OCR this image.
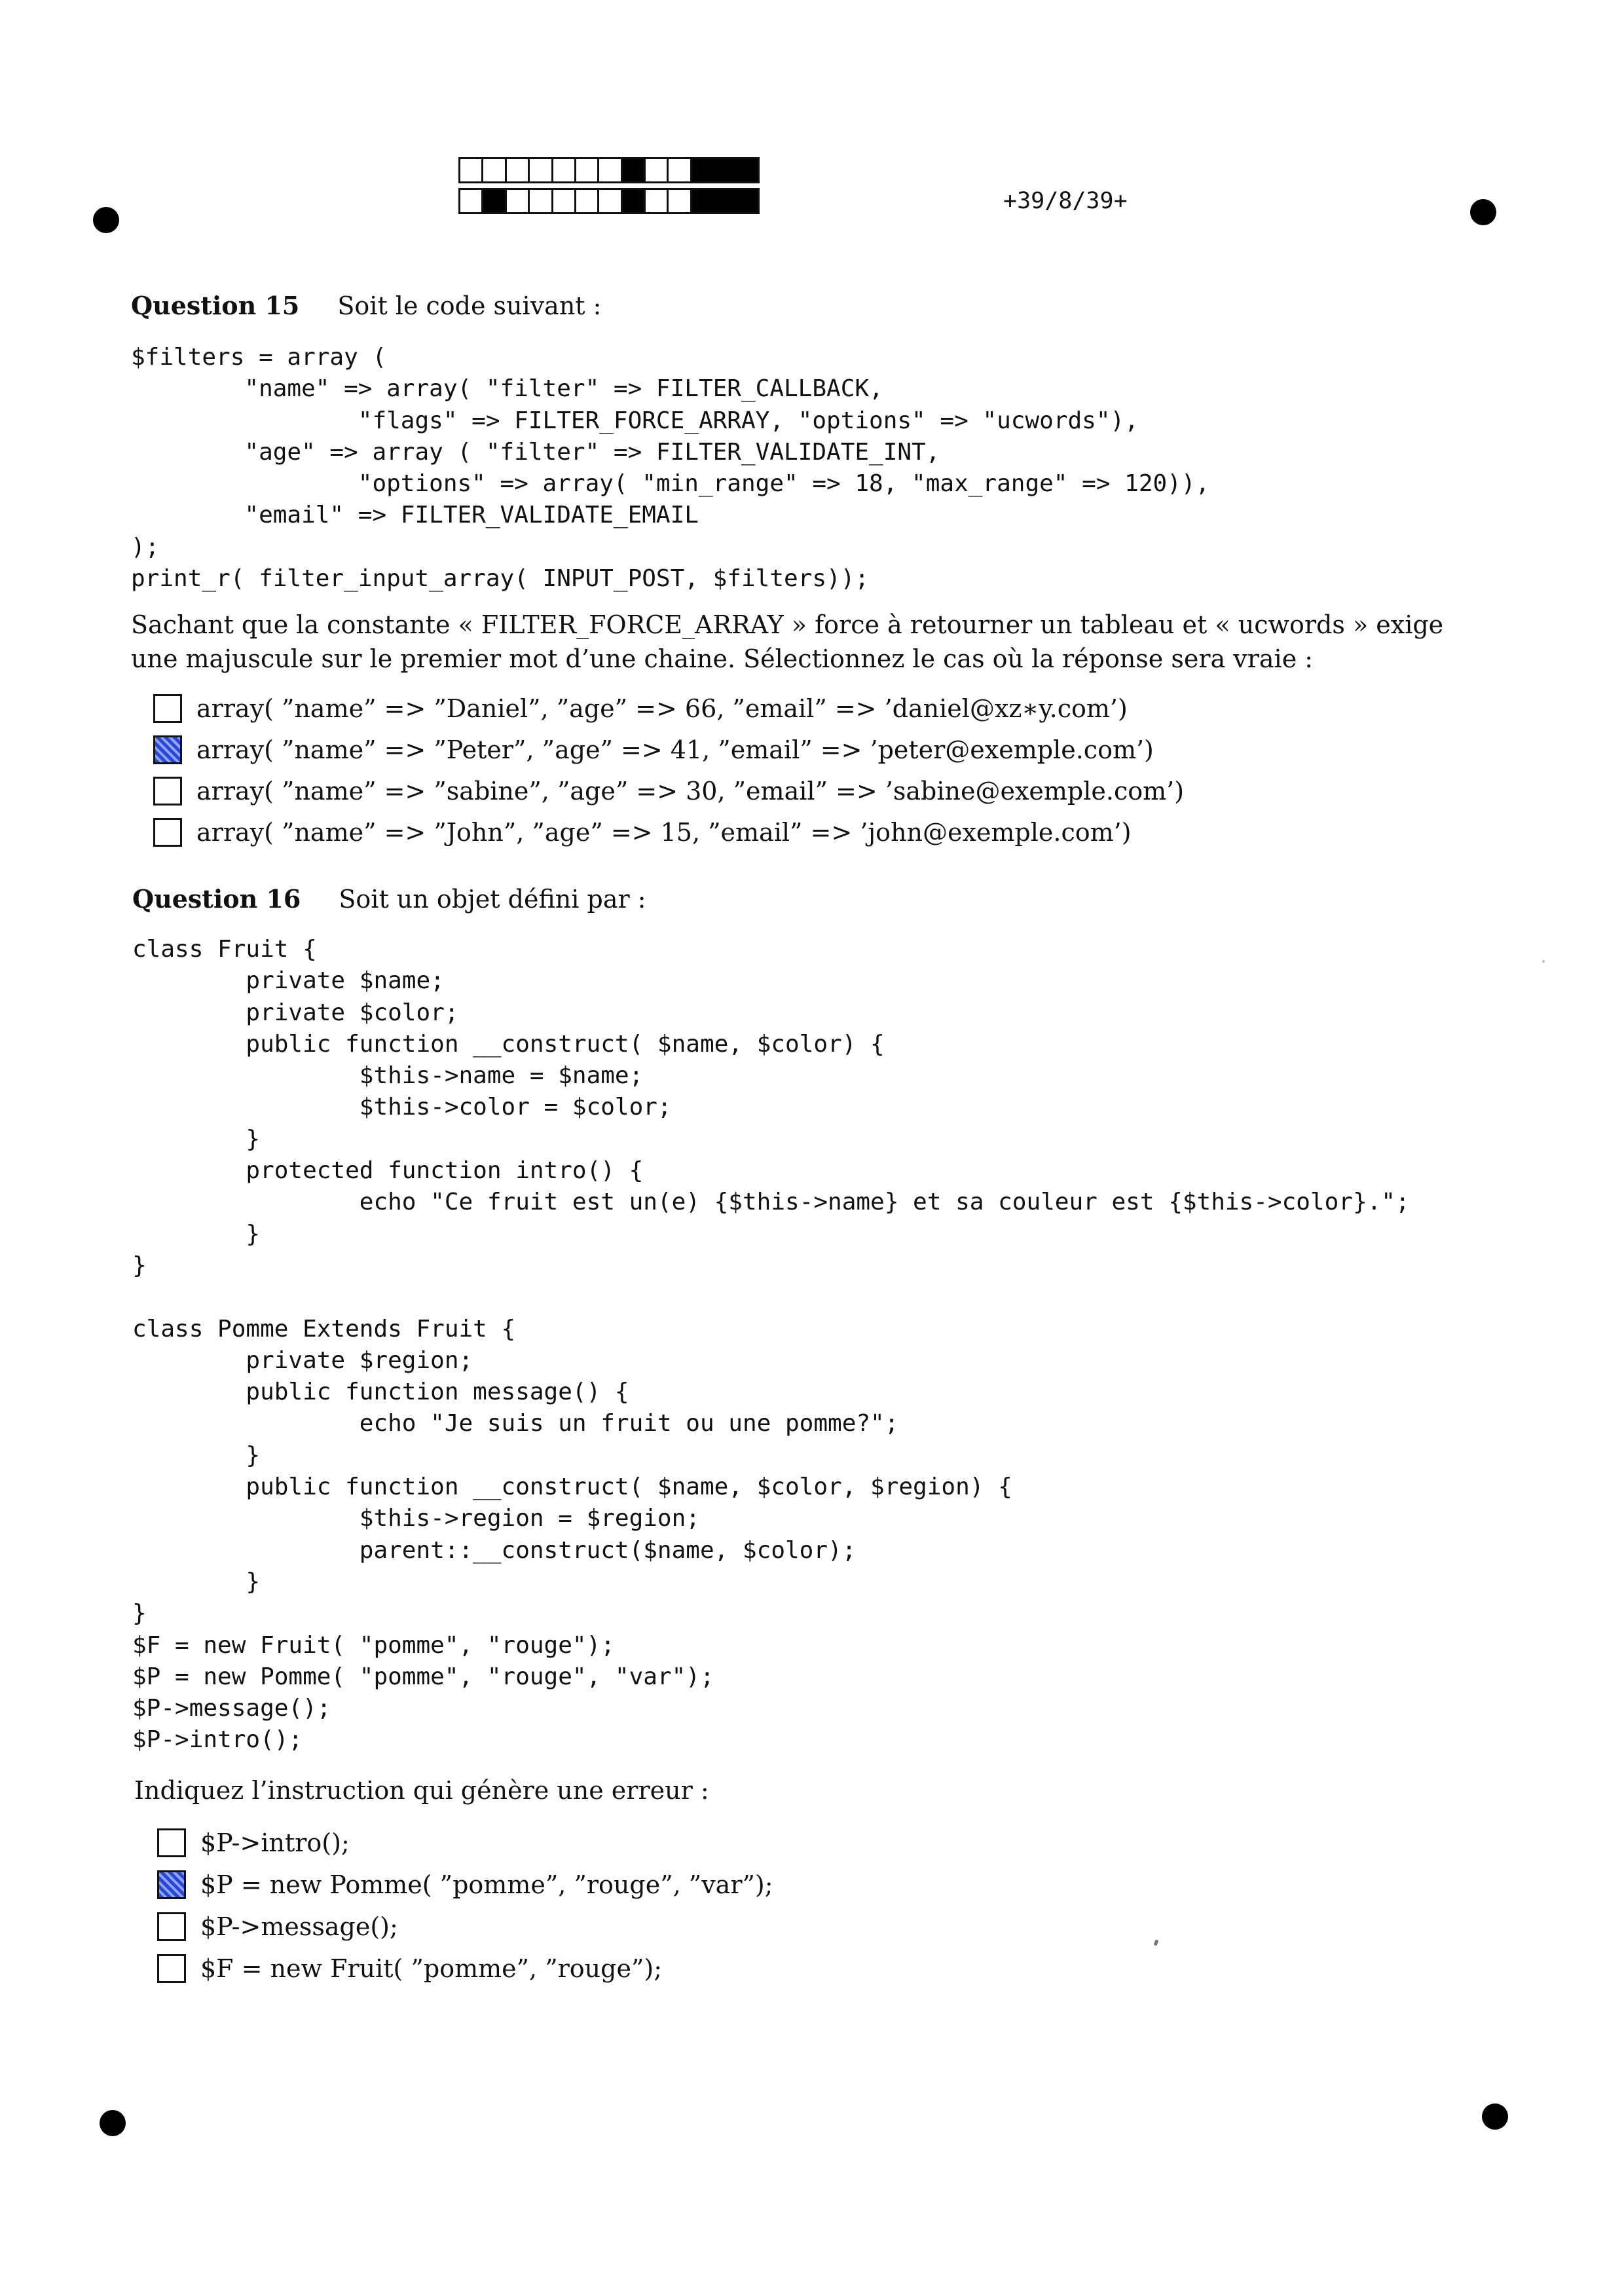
+39/8/39+
Question 15 Soit le code suivant :
$filters = array (
"name" => array( "filter" => FILTER_CALLBACK,
"flags" => FILTER_FORCE_ARRAY, "options" => "ucwords"),
"age" => array ( "filter" => FILTER_VALIDATE_INT,
"options" => array( "min_range" => 18, "max_range" => 120)),
"email" => FILTER_VALIDATE_EMAIL
);
print_r( filter_input_array( INPUT_POST, $filters));
Sachant que la constante « FILTER_FORCE_ARRAY » force à retourner un tableau et « ucwords » exige une majuscule sur le premier mot d’une chaine. Sélectionnez le cas où la réponse sera vraie :
array( ”name” => ”Daniel”, ”age” => 66, ”email” => ’daniel@xz∗y.com’)
array( ”name” => ”Peter”, ”age” => 41, ”email” => ’peter@exemple.com’)
array( ”name” => ”sabine”, ”age” => 30, ”email” => ’sabine@exemple.com’)
array( ”name” => ”John”, ”age” => 15, ”email” => ’john@exemple.com’)
Question 16 Soit un objet défini par :
class Fruit {
private $name;
private $color;
public function __construct( $name, $color) {
$this->name = $name;
$this->color = $color;
}
protected function intro() {
echo "Ce fruit est un(e) {$this->name} et sa couleur est {$this->color}.";
}
}

class Pomme Extends Fruit {
private $region;
public function message() {
echo "Je suis un fruit ou une pomme?";
}
public function __construct( $name, $color, $region) {
$this->region = $region;
parent::__construct($name, $color);
}
}
$F = new Fruit( "pomme", "rouge");
$P = new Pomme( "pomme", "rouge", "var");
$P->message();
$P->intro();
Indiquez l’instruction qui génère une erreur :
$P->intro();
$P = new Pomme( ”pomme”, ”rouge”, ”var”);
$P->message();
$F = new Fruit( ”pomme”, ”rouge”);
